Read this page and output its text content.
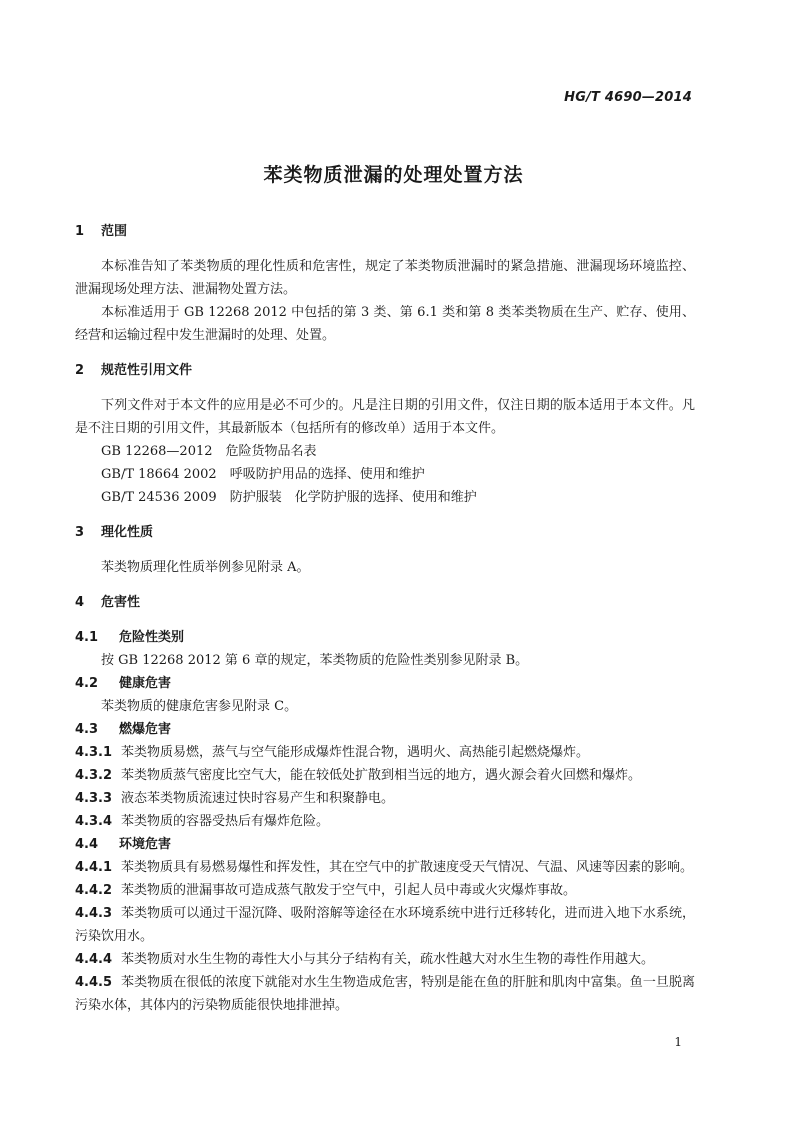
HG/T 4690—2014
苯类物质泄漏的处理处置方法
1 范围

本标准告知了苯类物质的理化性质和危害性，规定了苯类物质泄漏时的紧急措施、泄漏现场环境监控、泄漏现场处理方法、泄漏物处置方法。

本标准适用于 GB 12268 2012 中包括的第 3 类、第 6.1 类和第 8 类苯类物质在生产、贮存、使用、经营和运输过程中发生泄漏时的处理、处置。

2 规范性引用文件

下列文件对于本文件的应用是必不可少的。凡是注日期的引用文件，仅注日期的版本适用于本文件。凡是不注日期的引用文件，其最新版本（包括所有的修改单）适用于本文件。

GB 12268—2012　危险货物品名表

GB/T 18664 2002　呼吸防护用品的选择、使用和维护

GB/T 24536 2009　防护服装　化学防护服的选择、使用和维护

3 理化性质

苯类物质理化性质举例参见附录 A。

4 危害性
4.1 危险性类别

按 GB 12268 2012 第 6 章的规定，苯类物质的危险性类别参见附录 B。

4.2 健康危害

苯类物质的健康危害参见附录 C。

4.3 燃爆危害

4.3.1 苯类物质易燃，蒸气与空气能形成爆炸性混合物，遇明火、高热能引起燃烧爆炸。

4.3.2 苯类物质蒸气密度比空气大，能在较低处扩散到相当远的地方，遇火源会着火回燃和爆炸。

4.3.3 液态苯类物质流速过快时容易产生和积聚静电。

4.3.4 苯类物质的容器受热后有爆炸危险。

4.4 环境危害

4.4.1 苯类物质具有易燃易爆性和挥发性，其在空气中的扩散速度受天气情况、气温、风速等因素的影响。

4.4.2 苯类物质的泄漏事故可造成蒸气散发于空气中，引起人员中毒或火灾爆炸事故。

4.4.3 苯类物质可以通过干湿沉降、吸附溶解等途径在水环境系统中进行迁移转化，进而进入地下水系统，污染饮用水。

4.4.4 苯类物质对水生生物的毒性大小与其分子结构有关，疏水性越大对水生生物的毒性作用越大。

4.4.5 苯类物质在很低的浓度下就能对水生生物造成危害，特别是能在鱼的肝脏和肌肉中富集。鱼一旦脱离污染水体，其体内的污染物质能很快地排泄掉。

1
